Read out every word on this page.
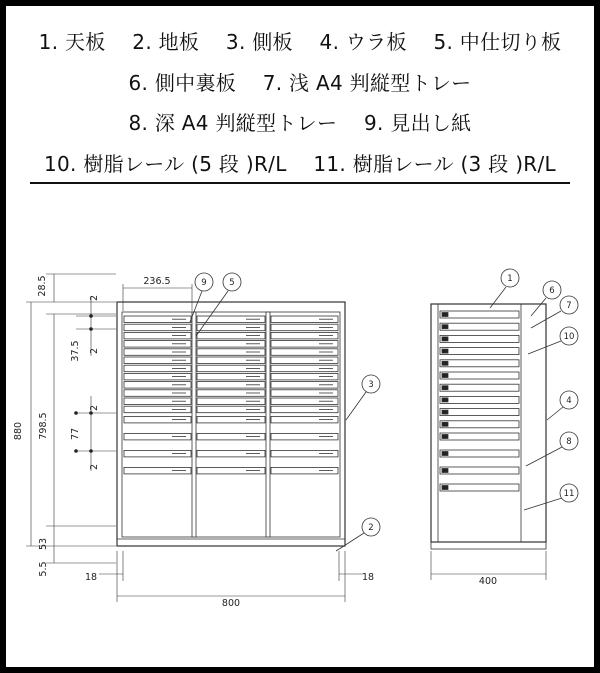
1. 天板 2. 地板 3. 側板 4. ウラ板 5. 中仕切り板
6. 側中裏板 7. 浅 A4 判縦型トレー
8. 深 A4 判縦型トレー 9. 見出し紙
10. 樹脂レール (5 段 )R/L 11. 樹脂レール (3 段 )R/L
28.5
880 798.5
37.5
77
2
2
2
2
53
5.5
236.5
18	18
800
400
9	5
3
2
1
6
7
10
4
8
11
